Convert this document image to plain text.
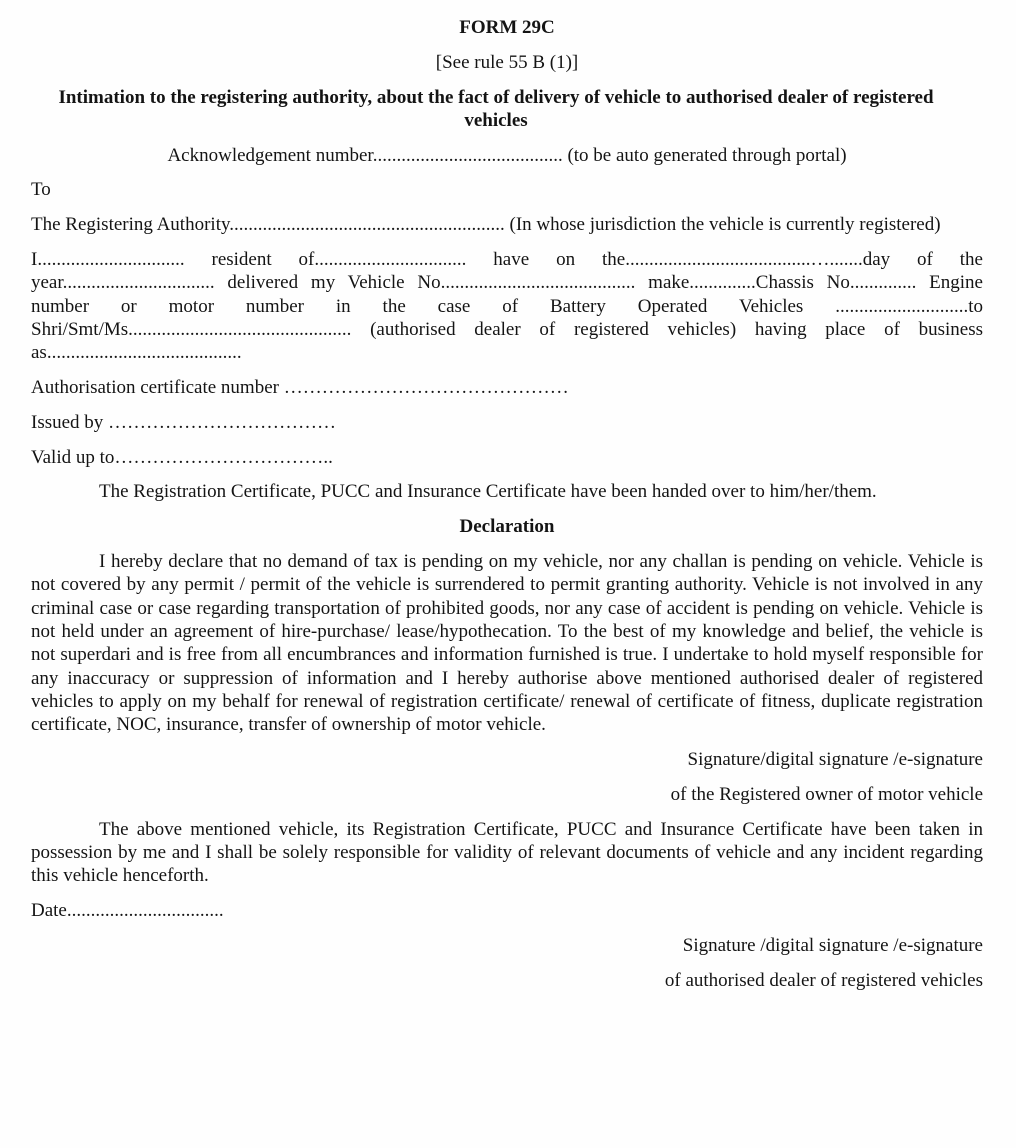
FORM 29C

[See rule 55 B (1)]

Intimation to the registering authority, about the fact of delivery of vehicle to authorised dealer of registered vehicles

Acknowledgement number........................................ (to be auto generated through portal)

To

The Registering Authority.......................................................... (In whose jurisdiction the vehicle is currently registered)

I............................... resident of................................ have on the.......................................….......day of the year................................ delivered my Vehicle No......................................... make..............Chassis No.............. Engine number or motor number in the case of Battery Operated Vehicles ............................to Shri/Smt/Ms............................................... (authorised dealer of registered vehicles) having place of business as.........................................

Authorisation certificate number ………………………………………

Issued by ………………………………

Valid up to……………………………..

The Registration Certificate, PUCC and Insurance Certificate have been handed over to him/her/them.

Declaration

I hereby declare that no demand of tax is pending on my vehicle, nor any challan is pending on vehicle. Vehicle is not covered by any permit / permit of the vehicle is surrendered to permit granting authority. Vehicle is not involved in any criminal case or case regarding transportation of prohibited goods, nor any case of accident is pending on vehicle. Vehicle is not held under an agreement of hire-purchase/ lease/hypothecation. To the best of my knowledge and belief, the vehicle is not superdari and is free from all encumbrances and information furnished is true. I undertake to hold myself responsible for any inaccuracy or suppression of information and I hereby authorise above mentioned authorised dealer of registered vehicles to apply on my behalf for renewal of registration certificate/ renewal of certificate of fitness, duplicate registration certificate, NOC, insurance, transfer of ownership of motor vehicle.

Signature/digital signature /e-signature

of the Registered owner of motor vehicle

The above mentioned vehicle, its Registration Certificate, PUCC and Insurance Certificate have been taken in possession by me and I shall be solely responsible for validity of relevant documents of vehicle and any incident regarding this vehicle henceforth.

Date.................................

Signature /digital signature /e-signature

of authorised dealer of registered vehicles
